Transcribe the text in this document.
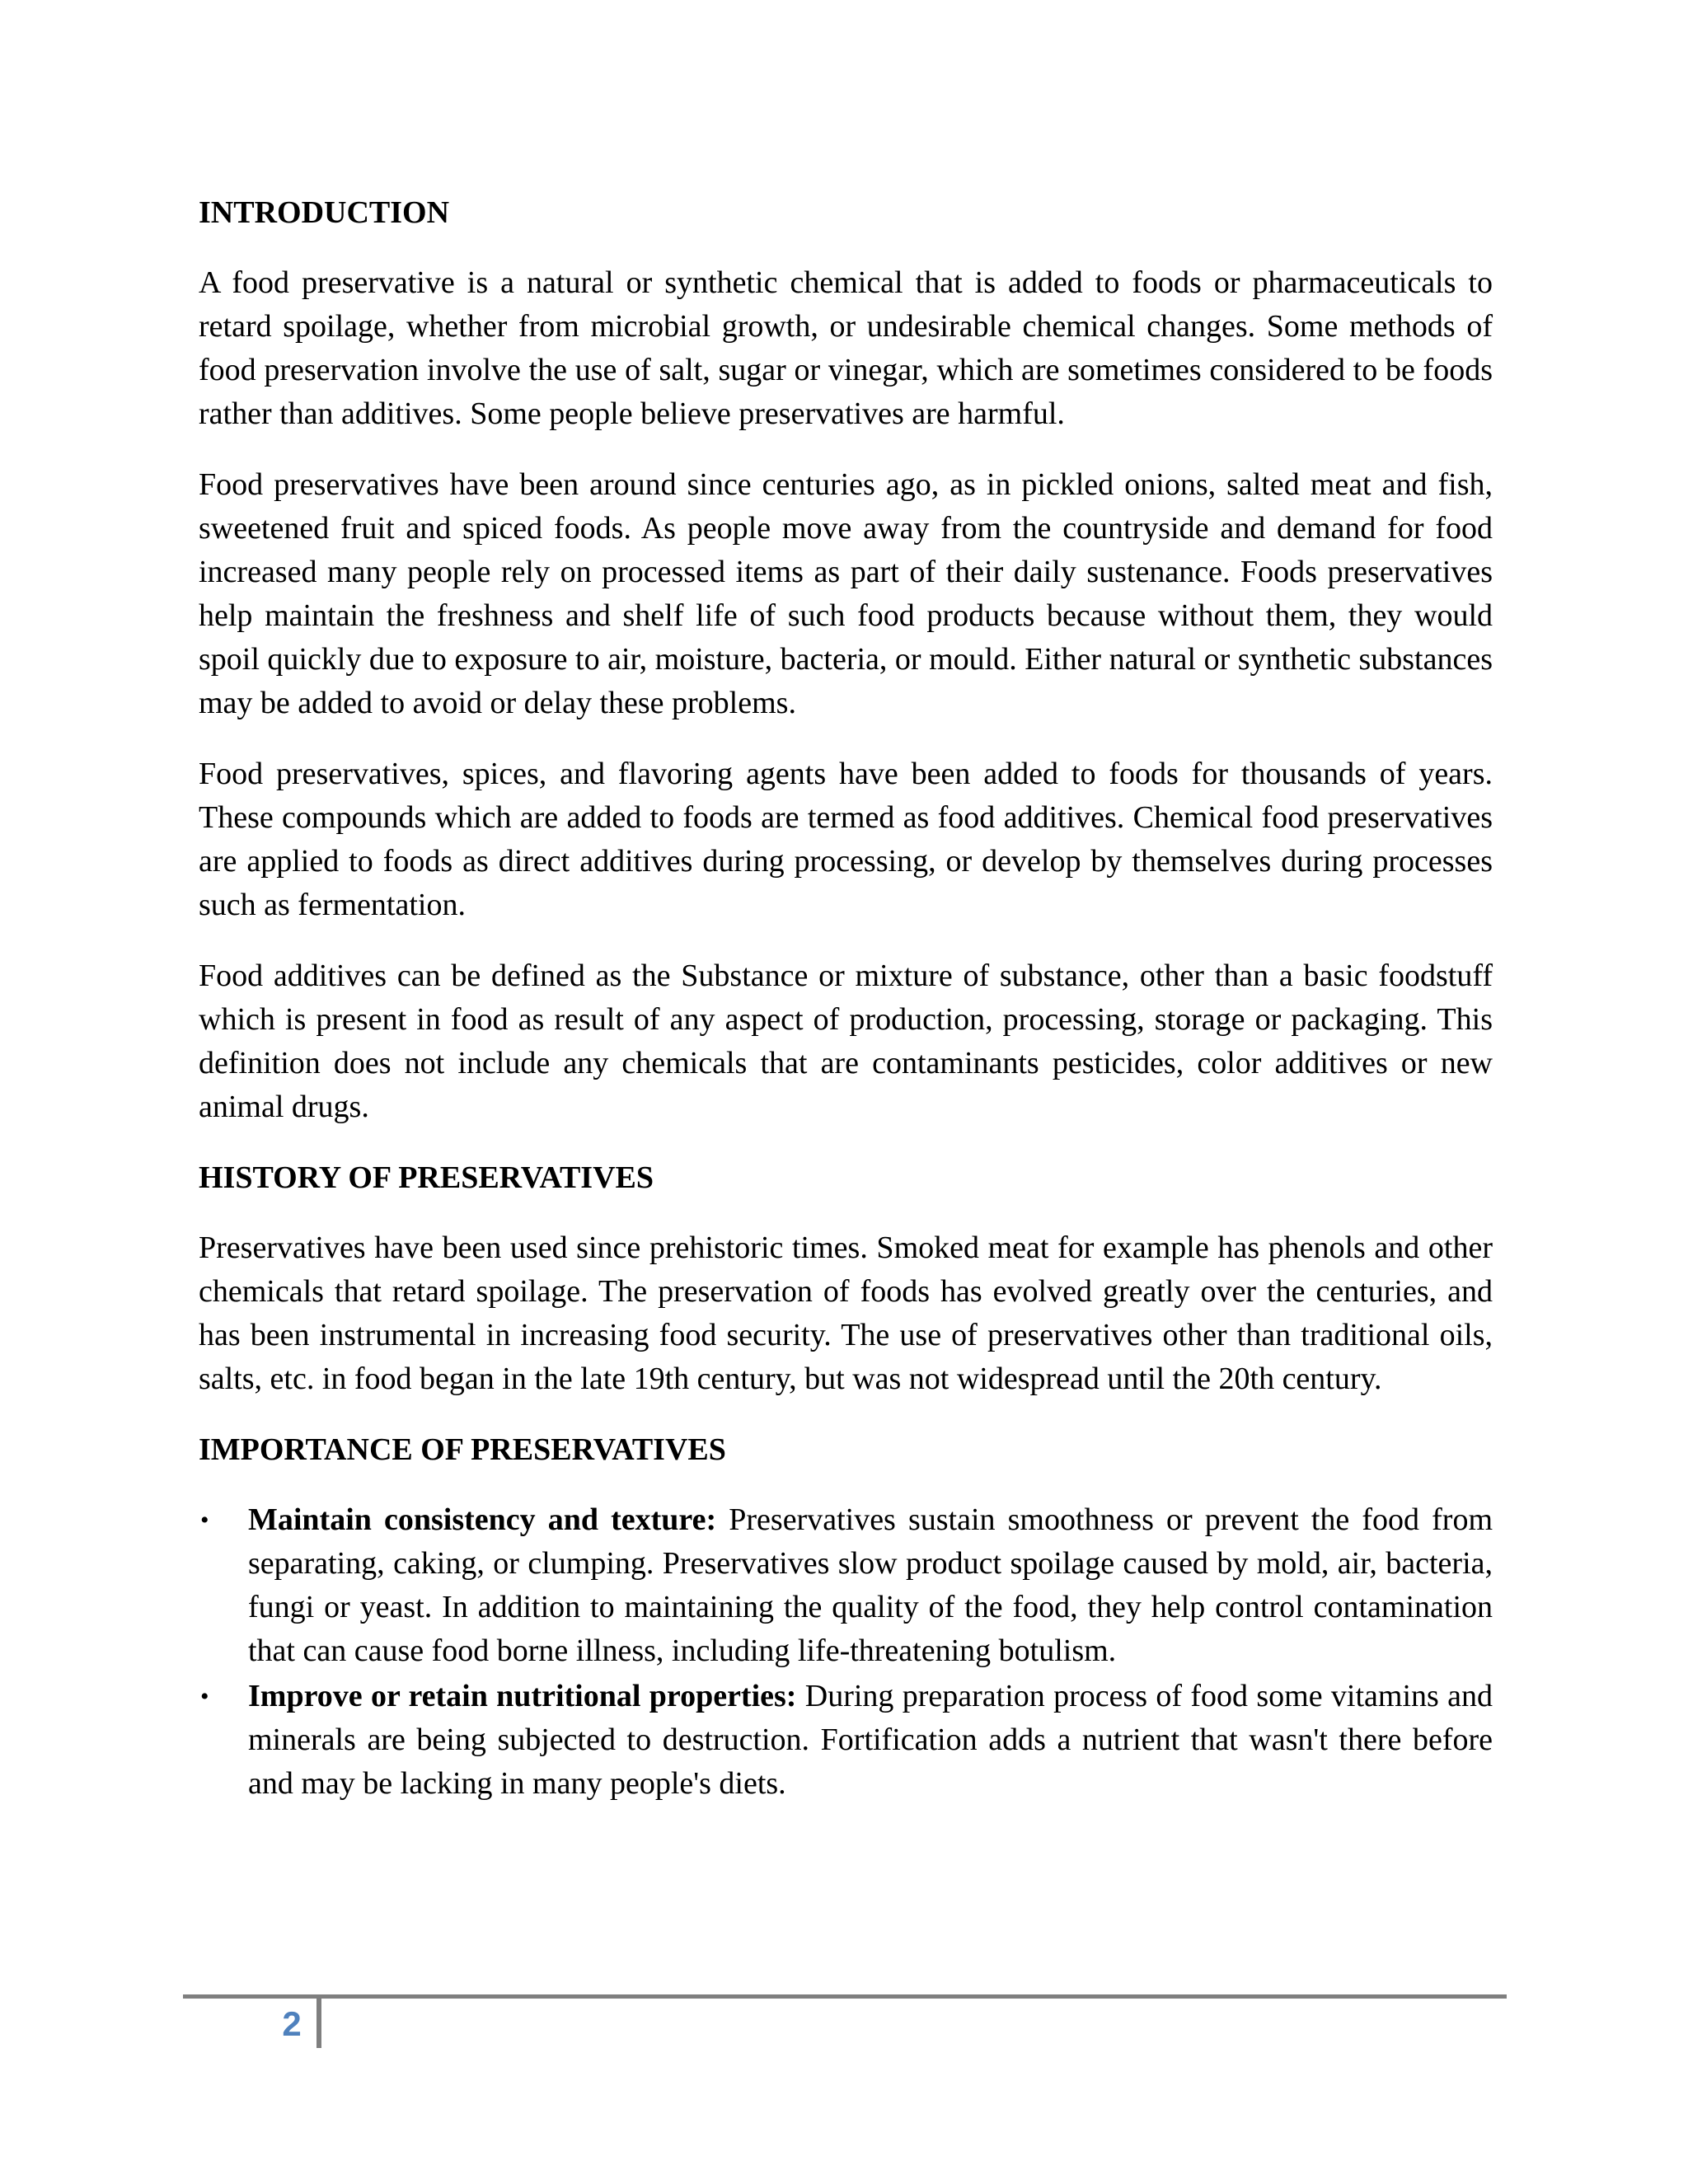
INTRODUCTION

A food preservative is a natural or synthetic chemical that is added to foods or pharmaceuticals to retard spoilage, whether from microbial growth, or undesirable chemical changes. Some methods of food preservation involve the use of salt, sugar or vinegar, which are sometimes considered to be foods rather than additives. Some people believe preservatives are harmful.

Food preservatives have been around since centuries ago, as in pickled onions, salted meat and fish, sweetened fruit and spiced foods. As people move away from the countryside and demand for food increased many people rely on processed items as part of their daily sustenance. Foods preservatives help maintain the freshness and shelf life of such food products because without them, they would spoil quickly due to exposure to air, moisture, bacteria, or mould. Either natural or synthetic substances may be added to avoid or delay these problems.

Food preservatives, spices, and flavoring agents have been added to foods for thousands of years. These compounds which are added to foods are termed as food additives. Chemical food preservatives are applied to foods as direct additives during processing, or develop by themselves during processes such as fermentation.

Food additives can be defined as the Substance or mixture of substance, other than a basic foodstuff which is present in food as result of any aspect of production, processing, storage or packaging. This definition does not include any chemicals that are contaminants pesticides, color additives or new animal drugs.

HISTORY OF PRESERVATIVES

Preservatives have been used since prehistoric times. Smoked meat for example has phenols and other chemicals that retard spoilage. The preservation of foods has evolved greatly over the centuries, and has been instrumental in increasing food security. The use of preservatives other than traditional oils, salts, etc. in food began in the late 19th century, but was not widespread until the 20th century.

IMPORTANCE OF PRESERVATIVES
• Maintain consistency and texture: Preservatives sustain smoothness or prevent the food from separating, caking, or clumping. Preservatives slow product spoilage caused by mold, air, bacteria, fungi or yeast. In addition to maintaining the quality of the food, they help control contamination that can cause food borne illness, including life-threatening botulism.
• Improve or retain nutritional properties: During preparation process of food some vitamins and minerals are being subjected to destruction. Fortification adds a nutrient that wasn't there before and may be lacking in many people's diets.
2
